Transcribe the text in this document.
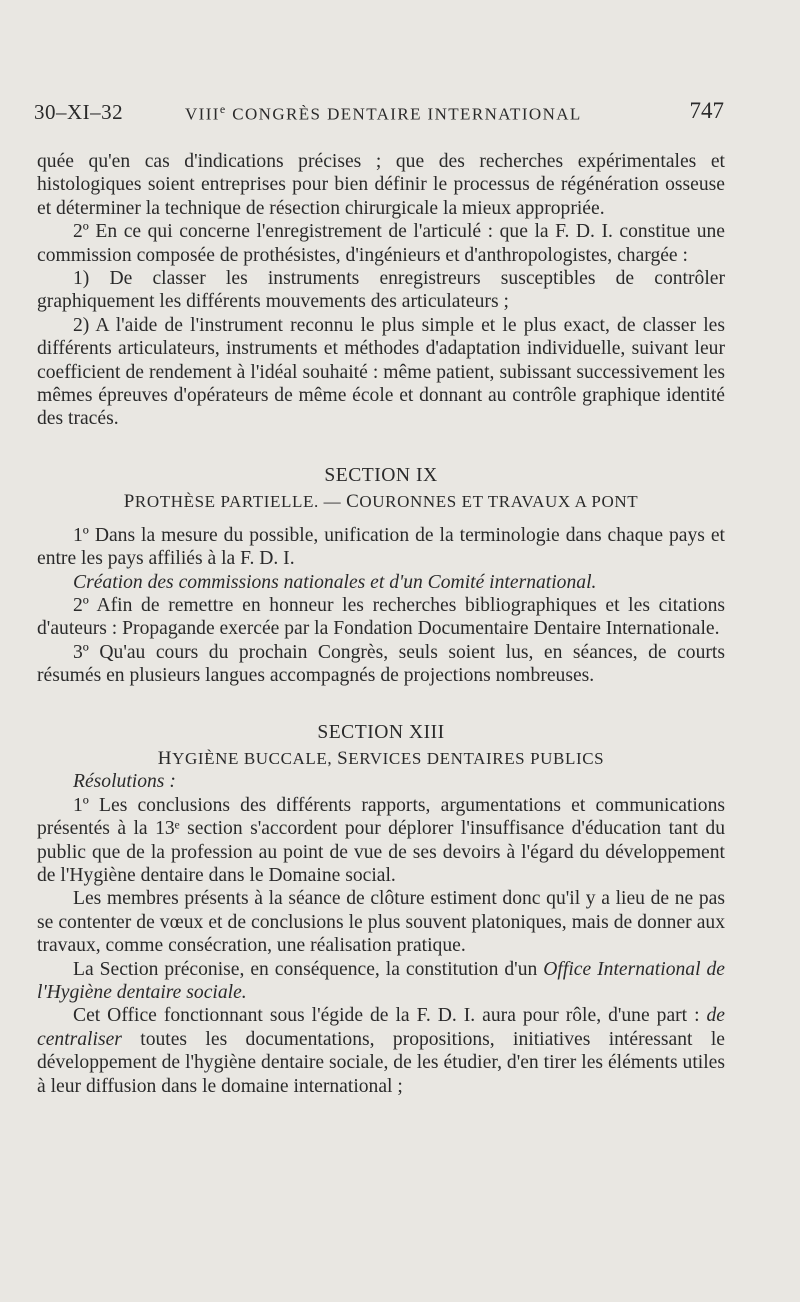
30–XI–32	VIIIe CONGRÈS DENTAIRE INTERNATIONAL	747

quée qu'en cas d'indications précises ; que des recherches expérimentales et histologiques soient entreprises pour bien définir le processus de régénération osseuse et déterminer la technique de résection chirurgicale la mieux appropriée.

2º En ce qui concerne l'enregistrement de l'articulé : que la F. D. I. constitue une commission composée de prothésistes, d'ingénieurs et d'anthropologistes, chargée :

1) De classer les instruments enregistreurs susceptibles de contrôler graphiquement les différents mouvements des articulateurs ;

2) A l'aide de l'instrument reconnu le plus simple et le plus exact, de classer les différents articulateurs, instruments et méthodes d'adaptation individuelle, suivant leur coefficient de rendement à l'idéal souhaité : même patient, subissant successivement les mêmes épreuves d'opérateurs de même école et donnant au contrôle graphique identité des tracés.

SECTION IX

PROTHÈSE PARTIELLE. — COURONNES ET TRAVAUX A PONT

1º Dans la mesure du possible, unification de la terminologie dans chaque pays et entre les pays affiliés à la F. D. I.

Création des commissions nationales et d'un Comité international.

2º Afin de remettre en honneur les recherches bibliographiques et les citations d'auteurs : Propagande exercée par la Fondation Documentaire Dentaire Internationale.

3º Qu'au cours du prochain Congrès, seuls soient lus, en séances, de courts résumés en plusieurs langues accompagnés de projections nombreuses.

SECTION XIII

HYGIÈNE BUCCALE, SERVICES DENTAIRES PUBLICS

Résolutions :

1º Les conclusions des différents rapports, argumentations et communications présentés à la 13ᵉ section s'accordent pour déplorer l'insuffisance d'éducation tant du public que de la profession au point de vue de ses devoirs à l'égard du développement de l'Hygiène dentaire dans le Domaine social.

Les membres présents à la séance de clôture estiment donc qu'il y a lieu de ne pas se contenter de vœux et de conclusions le plus souvent platoniques, mais de donner aux travaux, comme consécration, une réalisation pratique.

La Section préconise, en conséquence, la constitution d'un Office International de l'Hygiène dentaire sociale.

Cet Office fonctionnant sous l'égide de la F. D. I. aura pour rôle, d'une part : de centraliser toutes les documentations, propositions, initiatives intéressant le développement de l'hygiène dentaire sociale, de les étudier, d'en tirer les éléments utiles à leur diffusion dans le domaine international ;
